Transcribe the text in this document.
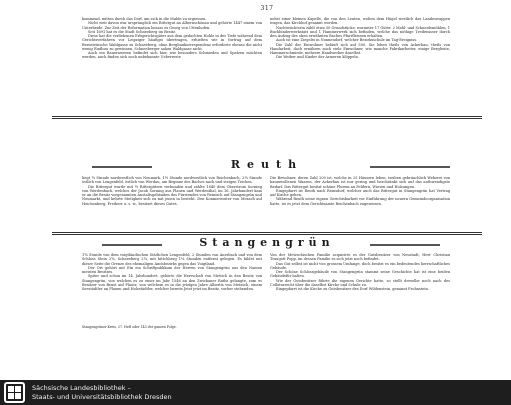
317

kommend, mitten durch das Dorf, um sich in die Mulde zu ergiessen.

Nicht weit davon war ursprünglich ein Rittergut an Albernschönau und gehörte 1447 einem von Unterheide. Zur Zeit der Reformation besass es Georg von Uttenhofen.

Seit 1691 hat es die Stadt Schneeberg im Besitz.

Diese hat die verliehenen Erbgerichtsgüter aus dem gedachten Hohle in der Tiefe während dem Gerichtsverfahren vor Leipziger häufigst übertragen, erhielten wir in Vortrag auf dem Bernsteinsche Waldgasse zu Schneeberg, ohne Bergbaukorrespondenz erforderte ebenso die nicht wenig Einfluss zu gewinnen, Schneeberger sahen Waldgasse nicht.

Auch ein Bauernwesen befindet sich hier, wie besonders Schmieden und Spatzen möchten werden, auch finden sich noch unbekannte Ueberreste

nebst einer kleinen Kapelle, die von den Leuten, wolten dem Hügel westlich das Landeswappen tragen, das Kirchhof genannt werden.

Nachtwächterin zählt etwa 50 Grundstücke, worunter 17 Güter, 2 Mahl- und Schneidemühlen, 1 Buchbinderwerkstatt und 1 Hammerwerk sich befinden, welche das nöthige Treibwasser durch den Aufzug des oben erwähnten Baches Pfarrfleissen erhalten.

Auch ist eine Ziegelei in Nonnendorf, welcher Bezirksschule im Tag-Ereigniss.

Die Zahl der Einwohner beläuft sich auf 500. Sie leben theils von Ackerbau, theils von Handarbeit, doch ernähren auch viele Einwohner, wie manche Fabrikarbeiter, einige Bergleute, Hammerschmiede, mehrere Handwerker daselbst.

Die Weiber und Kinder der Armeren klöppeln.

Reuth

liegt ¾ Stunde nordwestlich von Neumark, 1½ Stunde nordwestlich von Reichenbach, 2¼ Stunde östlich von Lengenfeld, östlich von Werdau, am Beginne des Baches nach und steigen Teichen.

Die Rittergut wurde mit ½ Rittergütern verbunden und zählte 1840 dem Oberstrom Sorning von Werdenbach, welches der Jacob Sorning aus Plauen und Werdenthal, im 16. Jahrhundert kam er an die Besitz vorgenannten Anstaltsgebäuden des Fürstendes von Reinisch auf Stangengrün und Neumarkt, und kehrte Stetigkeit sich zu mit jenen in besteht. Den Konmerweiter von Mezach auf Heichenberg, Freiherr u. s. w., besitzet dieses Gutes.

Die Bewohner, deren Zahl 200 ist, welche in 25 Häusern leben, treiben gebräuchlich Weberei von baumwollenen Waaren, der Ackerbau ist nur gering und beschränkt sich auf das nothwendigste Bedarf. Das Rittergut besitzt schöne Flurem an Feldern, Wiesen und Holzungen.

Eingepfarrt ist Reuth nach Reinsdorf, welcher auch das Rittergut in Stangengrün hat Vertrag auf Kirche gehen.

Während Reuth seine eignen Gerichtsbarkeit vor Einführung der neuern Gemeindeorganisation hatte, ist es jetzt dem Gerichtsamte Reichenbach zugewiesen.

Stangengrün

1¾ Stunde von dem voigtländischen Städtchen Lengenfeld, 2 Stunden von Auerbach und von dem Schloss Stein 2¾, Schneeberg 2¾, mit hittchberg 1¼ Stunden entfernt gelegen. Es bildet mit dieser Seite die Grenze des ehemaligen Amtsbezirks gegen das Voigtland.

Der Ort gehört mit Ein ein Schriftpublikum der Herren von Stangengrün aus den Namen meisten Besitzes.

Spiter und schon im 14. Jahrhundert, gehörte die Herrschaft von Mettich in den Besitz von Stangengrün, von welchen es zu einer im Jahr 1546 an den Zwickauer Raths gelangte, zum es Besitzer von Beust auf Plautz, von welchem es in die jetzigen Jahre Albertis von Metzsch, einem Seestädtler an Plauen und Holzstädtler, welcher bereits Jetzt jetzt im Besitz, vorher stehenden.

Von der Metzschischen Familie acquirirte es der Gutsbesitzer von Neustadt, Herr Christian Traugott Popp, im dessen Familie es sich jetzt noch befindet.

Das Gut selbst ist nicht von grossem Umfange, doch besitzt es ein bedeutendes herrschaftliches Gebäude.

Der Schöne Schlossgebäude von Stangengrün stammt seine Geschichte hat ist eine beiden Gebäudefür halten.

Wie der Gutsbesitzer führte die eigenen Gerichte hatte, so stellt derselbe noch nach des Collaturrecht über die daselbst Kirche und Schule zu.

Eingepfarrt ist die Kirche zu Gutsbesitzer des Dorf Wildenstein, genannt Frohnstein.

Stangengrüner Kreis, 27. Heft oder 143 der ganzen Folge.
Sächsische Landesbibliothek –
Staats- und Universitätsbibliothek Dresden
